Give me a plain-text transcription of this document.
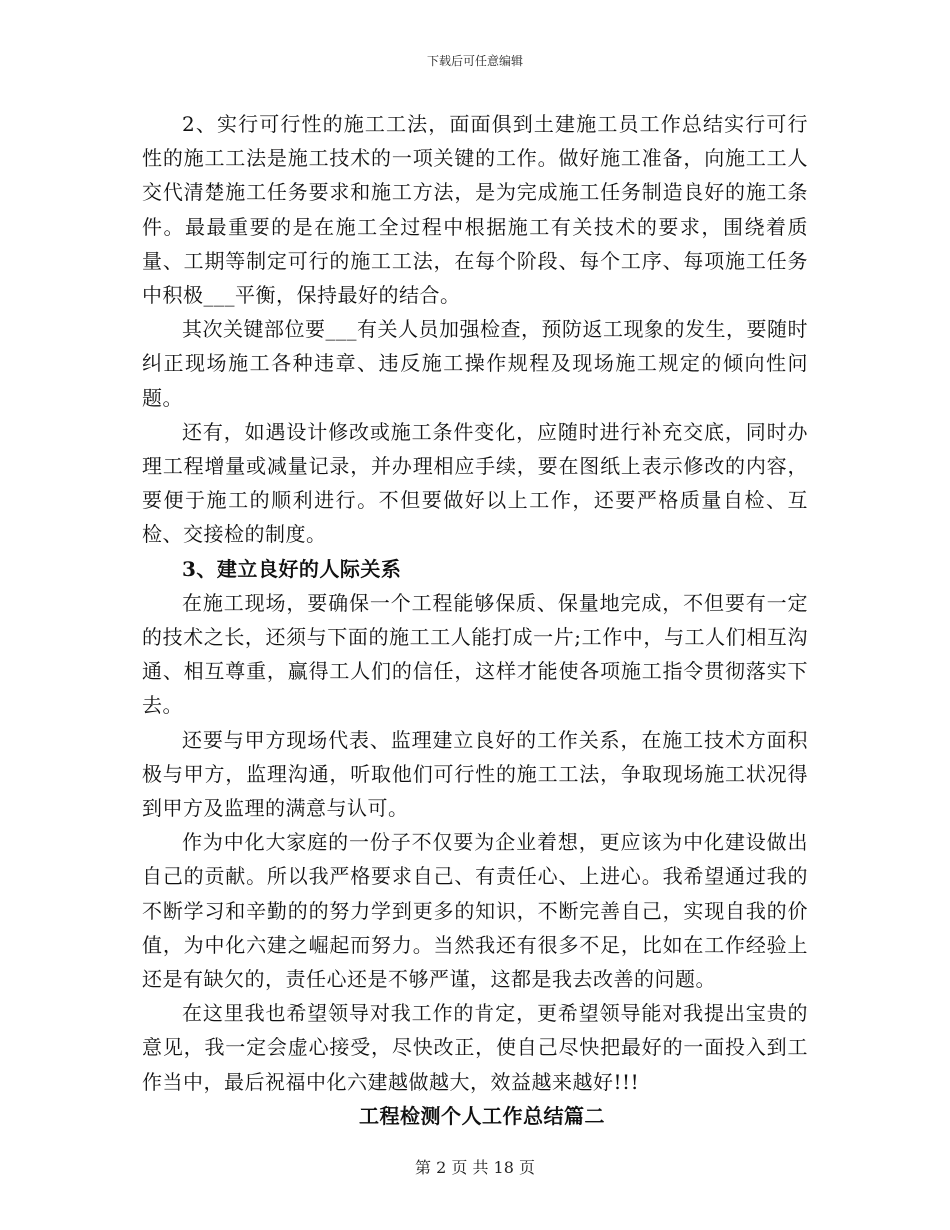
下载后可任意编辑

2、实行可行性的施工工法，面面俱到土建施工员工作总结实行可行性的施工工法是施工技术的一项关键的工作。做好施工准备，向施工工人交代清楚施工任务要求和施工方法，是为完成施工任务制造良好的施工条件。最最重要的是在施工全过程中根据施工有关技术的要求，围绕着质量、工期等制定可行的施工工法，在每个阶段、每个工序、每项施工任务中积极___平衡，保持最好的结合。

其次关键部位要___有关人员加强检查，预防返工现象的发生，要随时纠正现场施工各种违章、违反施工操作规程及现场施工规定的倾向性问题。

还有，如遇设计修改或施工条件变化，应随时进行补充交底，同时办理工程增量或减量记录，并办理相应手续，要在图纸上表示修改的内容，要便于施工的顺利进行。不但要做好以上工作，还要严格质量自检、互检、交接检的制度。

3、建立良好的人际关系

在施工现场，要确保一个工程能够保质、保量地完成，不但要有一定的技术之长，还须与下面的施工工人能打成一片;工作中，与工人们相互沟通、相互尊重，赢得工人们的信任，这样才能使各项施工指令贯彻落实下去。

还要与甲方现场代表、监理建立良好的工作关系，在施工技术方面积极与甲方，监理沟通，听取他们可行性的施工工法，争取现场施工状况得到甲方及监理的满意与认可。

作为中化大家庭的一份子不仅要为企业着想，更应该为中化建设做出自己的贡献。所以我严格要求自己、有责任心、上进心。我希望通过我的不断学习和辛勤的的努力学到更多的知识，不断完善自己，实现自我的价值，为中化六建之崛起而努力。当然我还有很多不足，比如在工作经验上还是有缺欠的，责任心还是不够严谨，这都是我去改善的问题。

在这里我也希望领导对我工作的肯定，更希望领导能对我提出宝贵的意见，我一定会虚心接受，尽快改正，使自己尽快把最好的一面投入到工作当中，最后祝福中化六建越做越大，效益越来越好!!!

工程检测个人工作总结篇二

第 2 页 共 18 页
